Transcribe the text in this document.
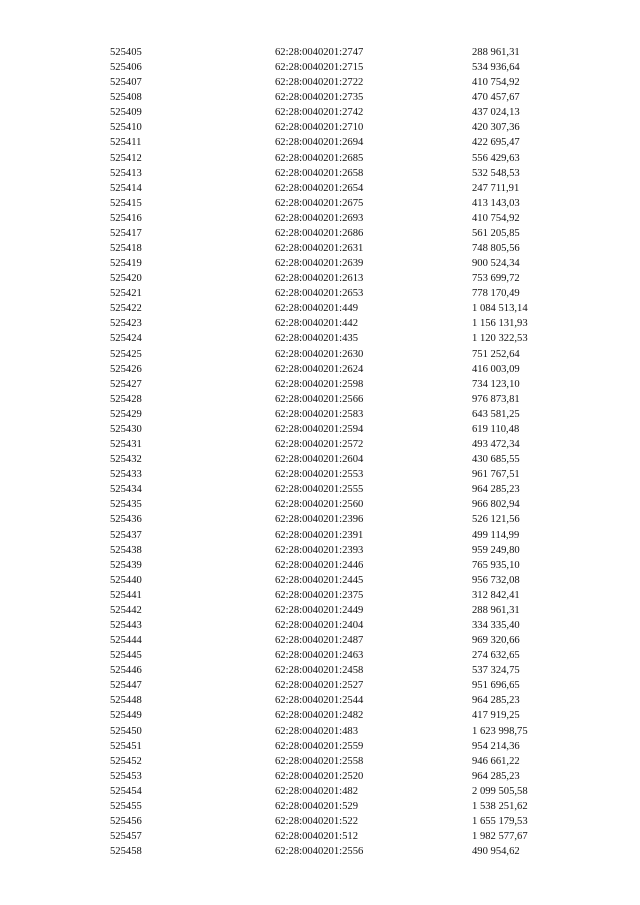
525405	62:28:0040201:2747	288 961,31
525406	62:28:0040201:2715	534 936,64
525407	62:28:0040201:2722	410 754,92
525408	62:28:0040201:2735	470 457,67
525409	62:28:0040201:2742	437 024,13
525410	62:28:0040201:2710	420 307,36
525411	62:28:0040201:2694	422 695,47
525412	62:28:0040201:2685	556 429,63
525413	62:28:0040201:2658	532 548,53
525414	62:28:0040201:2654	247 711,91
525415	62:28:0040201:2675	413 143,03
525416	62:28:0040201:2693	410 754,92
525417	62:28:0040201:2686	561 205,85
525418	62:28:0040201:2631	748 805,56
525419	62:28:0040201:2639	900 524,34
525420	62:28:0040201:2613	753 699,72
525421	62:28:0040201:2653	778 170,49
525422	62:28:0040201:449	1 084 513,14
525423	62:28:0040201:442	1 156 131,93
525424	62:28:0040201:435	1 120 322,53
525425	62:28:0040201:2630	751 252,64
525426	62:28:0040201:2624	416 003,09
525427	62:28:0040201:2598	734 123,10
525428	62:28:0040201:2566	976 873,81
525429	62:28:0040201:2583	643 581,25
525430	62:28:0040201:2594	619 110,48
525431	62:28:0040201:2572	493 472,34
525432	62:28:0040201:2604	430 685,55
525433	62:28:0040201:2553	961 767,51
525434	62:28:0040201:2555	964 285,23
525435	62:28:0040201:2560	966 802,94
525436	62:28:0040201:2396	526 121,56
525437	62:28:0040201:2391	499 114,99
525438	62:28:0040201:2393	959 249,80
525439	62:28:0040201:2446	765 935,10
525440	62:28:0040201:2445	956 732,08
525441	62:28:0040201:2375	312 842,41
525442	62:28:0040201:2449	288 961,31
525443	62:28:0040201:2404	334 335,40
525444	62:28:0040201:2487	969 320,66
525445	62:28:0040201:2463	274 632,65
525446	62:28:0040201:2458	537 324,75
525447	62:28:0040201:2527	951 696,65
525448	62:28:0040201:2544	964 285,23
525449	62:28:0040201:2482	417 919,25
525450	62:28:0040201:483	1 623 998,75
525451	62:28:0040201:2559	954 214,36
525452	62:28:0040201:2558	946 661,22
525453	62:28:0040201:2520	964 285,23
525454	62:28:0040201:482	2 099 505,58
525455	62:28:0040201:529	1 538 251,62
525456	62:28:0040201:522	1 655 179,53
525457	62:28:0040201:512	1 982 577,67
525458	62:28:0040201:2556	490 954,62
